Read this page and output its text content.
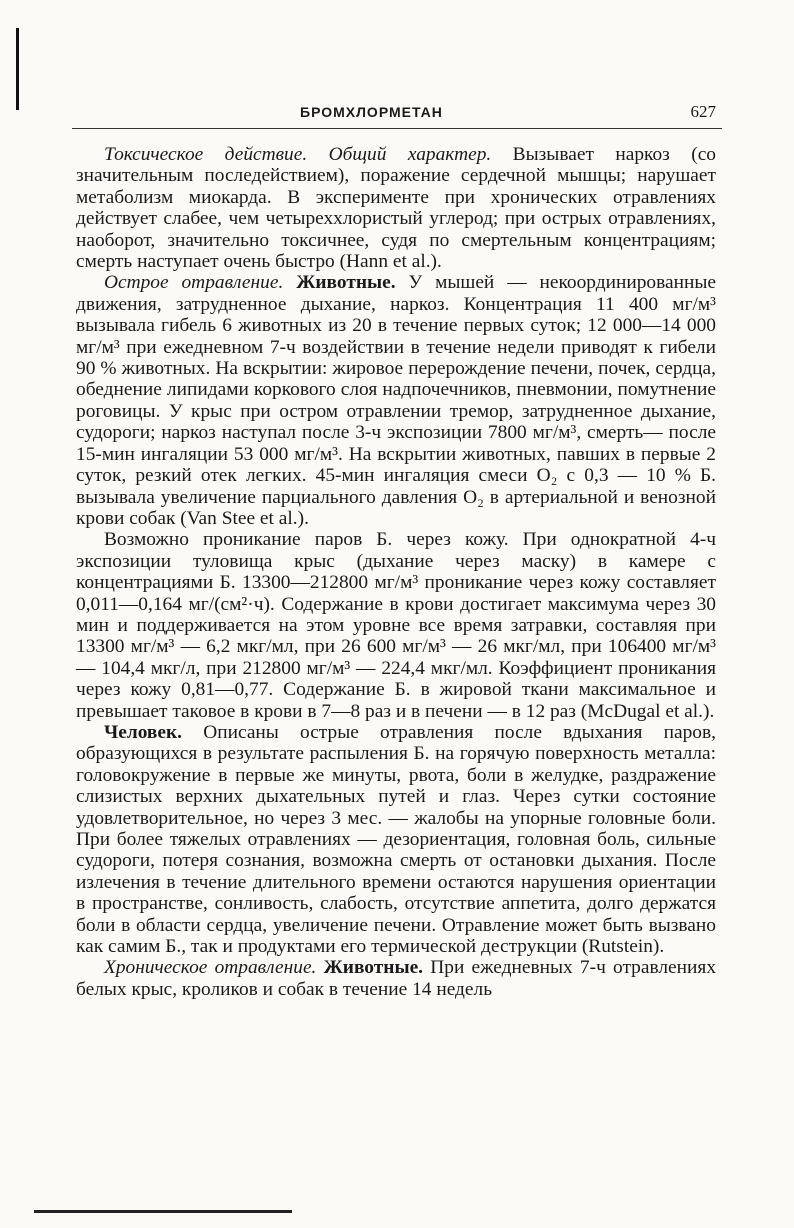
БРОМХЛОРМЕТАН	627

Токсическое действие. Общий характер. Вызывает наркоз (со значительным последействием), поражение сердечной мышцы; нарушает метаболизм миокарда. В эксперименте при хронических отравлениях действует слабее, чем четыреххлористый углерод; при острых отравлениях, наоборот, значительно токсичнее, судя по смертельным концентрациям; смерть наступает очень быстро (Hann et al.).

Острое отравление. Животные. У мышей — некоординированные движения, затрудненное дыхание, наркоз. Концентрация 11 400 мг/м³ вызывала гибель 6 животных из 20 в течение первых суток; 12 000—14 000 мг/м³ при ежедневном 7-ч воздействии в течение недели приводят к гибели 90 % животных. На вскрытии: жировое перерождение печени, почек, сердца, обеднение липидами коркового слоя надпочечников, пневмонии, помутнение роговицы. У крыс при остром отравлении тремор, затрудненное дыхание, судороги; наркоз наступал после 3-ч экспозиции 7800 мг/м³, смерть— после 15-мин ингаляции 53 000 мг/м³. На вскрытии животных, павших в первые 2 суток, резкий отек легких. 45-мин ингаляция смеси O₂ с 0,3 — 10 % Б. вызывала увеличение парциального давления O₂ в артериальной и венозной крови собак (Van Stee et al.).

Возможно проникание паров Б. через кожу. При однократной 4-ч экспозиции туловища крыс (дыхание через маску) в камере с концентрациями Б. 13300—212800 мг/м³ проникание через кожу составляет 0,011—0,164 мг/(см²·ч). Содержание в крови достигает максимума через 30 мин и поддерживается на этом уровне все время затравки, составляя при 13300 мг/м³ — 6,2 мкг/мл, при 26 600 мг/м³ — 26 мкг/мл, при 106400 мг/м³ — 104,4 мкг/л, при 212800 мг/м³ — 224,4 мкг/мл. Коэффициент проникания через кожу 0,81—0,77. Содержание Б. в жировой ткани максимальное и превышает таковое в крови в 7—8 раз и в печени — в 12 раз (McDugal et al.).

Человек. Описаны острые отравления после вдыхания паров, образующихся в результате распыления Б. на горячую поверхность металла: головокружение в первые же минуты, рвота, боли в желудке, раздражение слизистых верхних дыхательных путей и глаз. Через сутки состояние удовлетворительное, но через 3 мес. — жалобы на упорные головные боли. При более тяжелых отравлениях — дезориентация, головная боль, сильные судороги, потеря сознания, возможна смерть от остановки дыхания. После излечения в течение длительного времени остаются нарушения ориентации в пространстве, сонливость, слабость, отсутствие аппетита, долго держатся боли в области сердца, увеличение печени. Отравление может быть вызвано как самим Б., так и продуктами его термической деструкции (Rutstein).

Хроническое отравление. Животные. При ежедневных 7-ч отравлениях белых крыс, кроликов и собак в течение 14 недель
